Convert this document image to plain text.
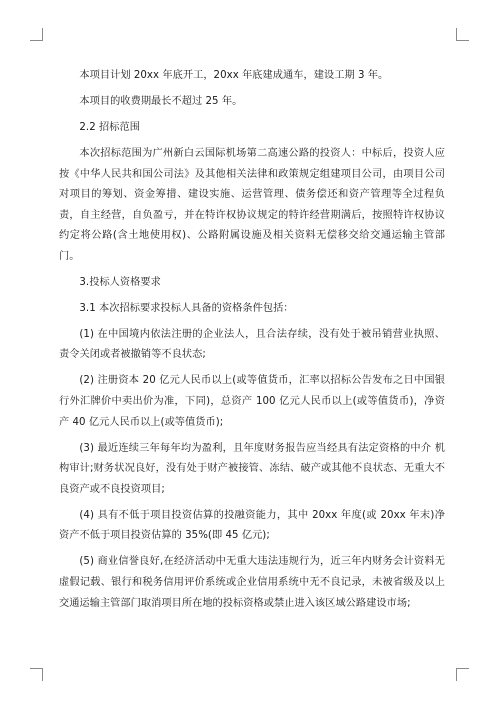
本项目计划 20xx 年底开工，20xx 年底建成通车，建设工期 3 年。

本项目的收费期最长不超过 25 年。

2.2 招标范围

本次招标范围为广州新白云国际机场第二高速公路的投资人：中标后，投资人应按《中华人民共和国公司法》及其他相关法律和政策规定组建项目公司，由项目公司对项目的筹划、资金筹措、建设实施、运营管理、债务偿还和资产管理等全过程负责，自主经营，自负盈亏，并在特许权协议规定的特许经营期满后，按照特许权协议约定将公路(含土地使用权)、公路附属设施及相关资料无偿移交给交通运输主管部门。

3.投标人资格要求

3.1 本次招标要求投标人具备的资格条件包括：

(1) 在中国境内依法注册的企业法人，且合法存续，没有处于被吊销营业执照、责令关闭或者被撤销等不良状态;

(2) 注册资本 20 亿元人民币以上(或等值货币，汇率以招标公告发布之日中国银行外汇牌价中卖出价为准，下同)，总资产 100 亿元人民币以上(或等值货币)，净资产 40 亿元人民币以上(或等值货币);

(3) 最近连续三年每年均为盈利，且年度财务报告应当经具有法定资格的中介 机构审计;财务状况良好，没有处于财产被接管、冻结、破产或其他不良状态、无重大不良资产或不良投资项目;

(4) 具有不低于项目投资估算的投融资能力，其中 20xx 年度(或 20xx 年末)净资产不低于项目投资估算的 35%(即 45 亿元);

(5) 商业信誉良好,在经济活动中无重大违法违规行为，近三年内财务会计资料无虚假记载、银行和税务信用评价系统或企业信用系统中无不良记录，未被省级及以上交通运输主管部门取消项目所在地的投标资格或禁止进入该区域公路建设市场;
